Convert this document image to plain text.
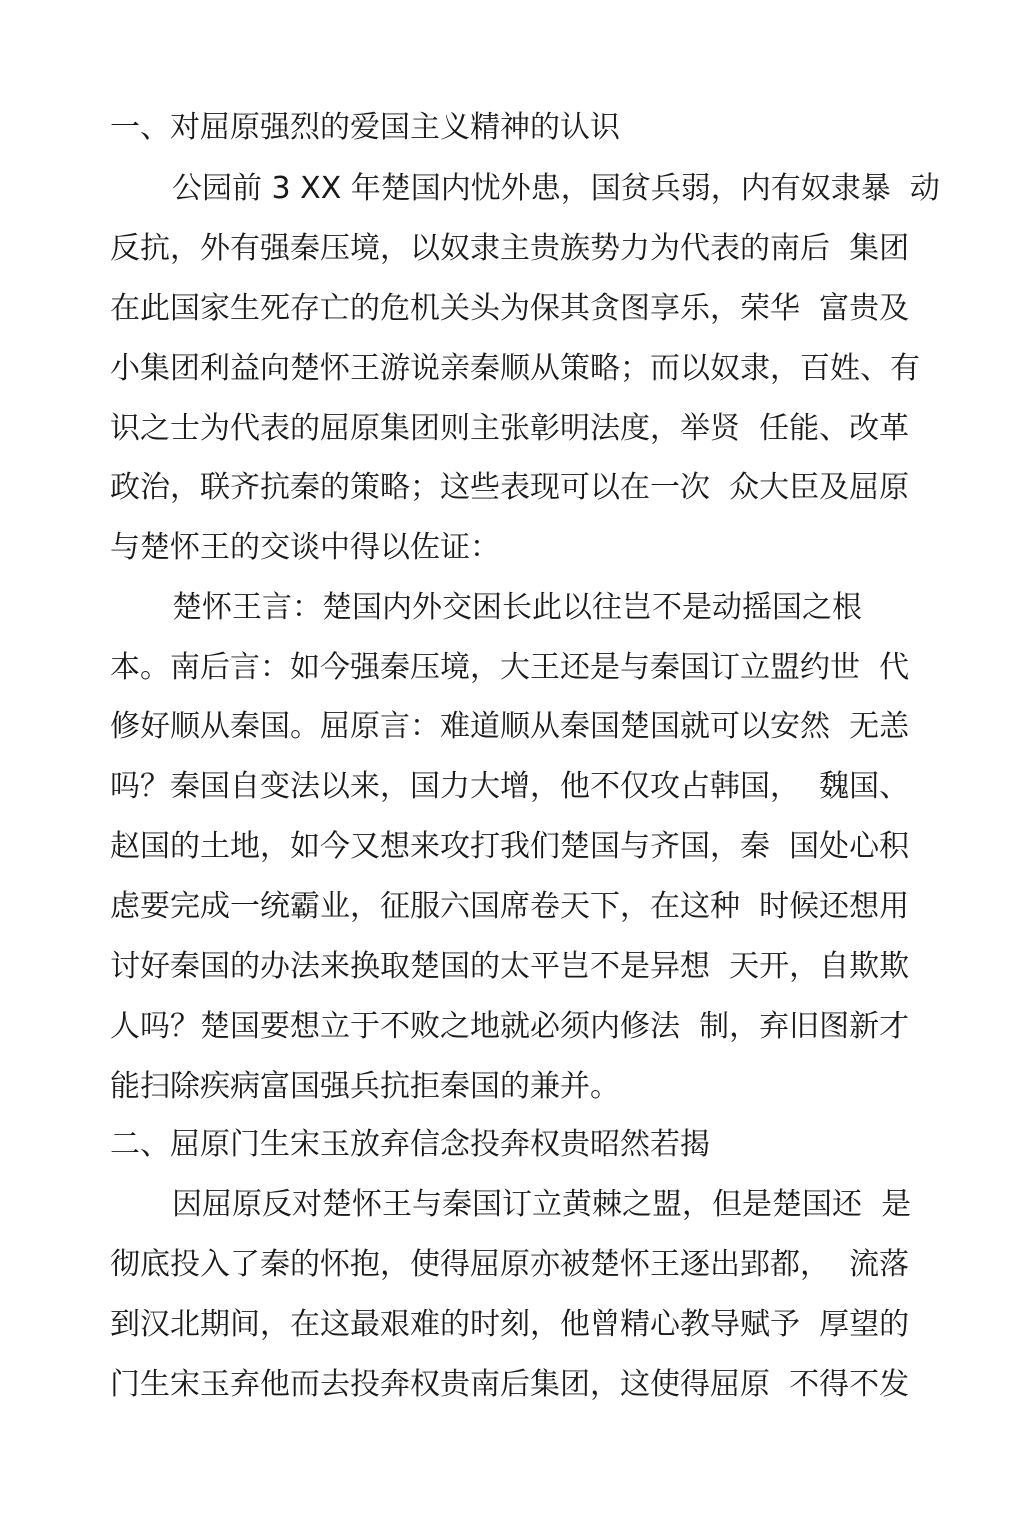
一、对屈原强烈的爱国主义精神的认识
公园前 3 XX 年楚国内忧外患，国贫兵弱，内有奴隶暴  动
反抗，外有强秦压境，以奴隶主贵族势力为代表的南后  集团
在此国家生死存亡的危机关头为保其贪图享乐，荣华  富贵及
小集团利益向楚怀王游说亲秦顺从策略；而以奴隶，百姓、有
识之士为代表的屈原集团则主张彰明法度，举贤  任能、改革
政治，联齐抗秦的策略；这些表现可以在一次  众大臣及屈原
与楚怀王的交谈中得以佐证：
楚怀王言：楚国内外交困长此以往岂不是动摇国之根
本。南后言：如今强秦压境，大王还是与秦国订立盟约世  代
修好顺从秦国。屈原言：难道顺从秦国楚国就可以安然  无恙
吗？秦国自变法以来，国力大增，他不仅攻占韩国，  魏国、
赵国的土地，如今又想来攻打我们楚国与齐国，秦  国处心积
虑要完成一统霸业，征服六国席卷天下，在这种  时候还想用
讨好秦国的办法来换取楚国的太平岂不是异想  天开，自欺欺
人吗？楚国要想立于不败之地就必须内修法  制，弃旧图新才
能扫除疾病富国强兵抗拒秦国的兼并。
二、屈原门生宋玉放弃信念投奔权贵昭然若揭
因屈原反对楚怀王与秦国订立黄棘之盟，但是楚国还  是
彻底投入了秦的怀抱，使得屈原亦被楚怀王逐出郢都，  流落
到汉北期间，在这最艰难的时刻，他曾精心教导赋予  厚望的
门生宋玉弃他而去投奔权贵南后集团，这使得屈原  不得不发
